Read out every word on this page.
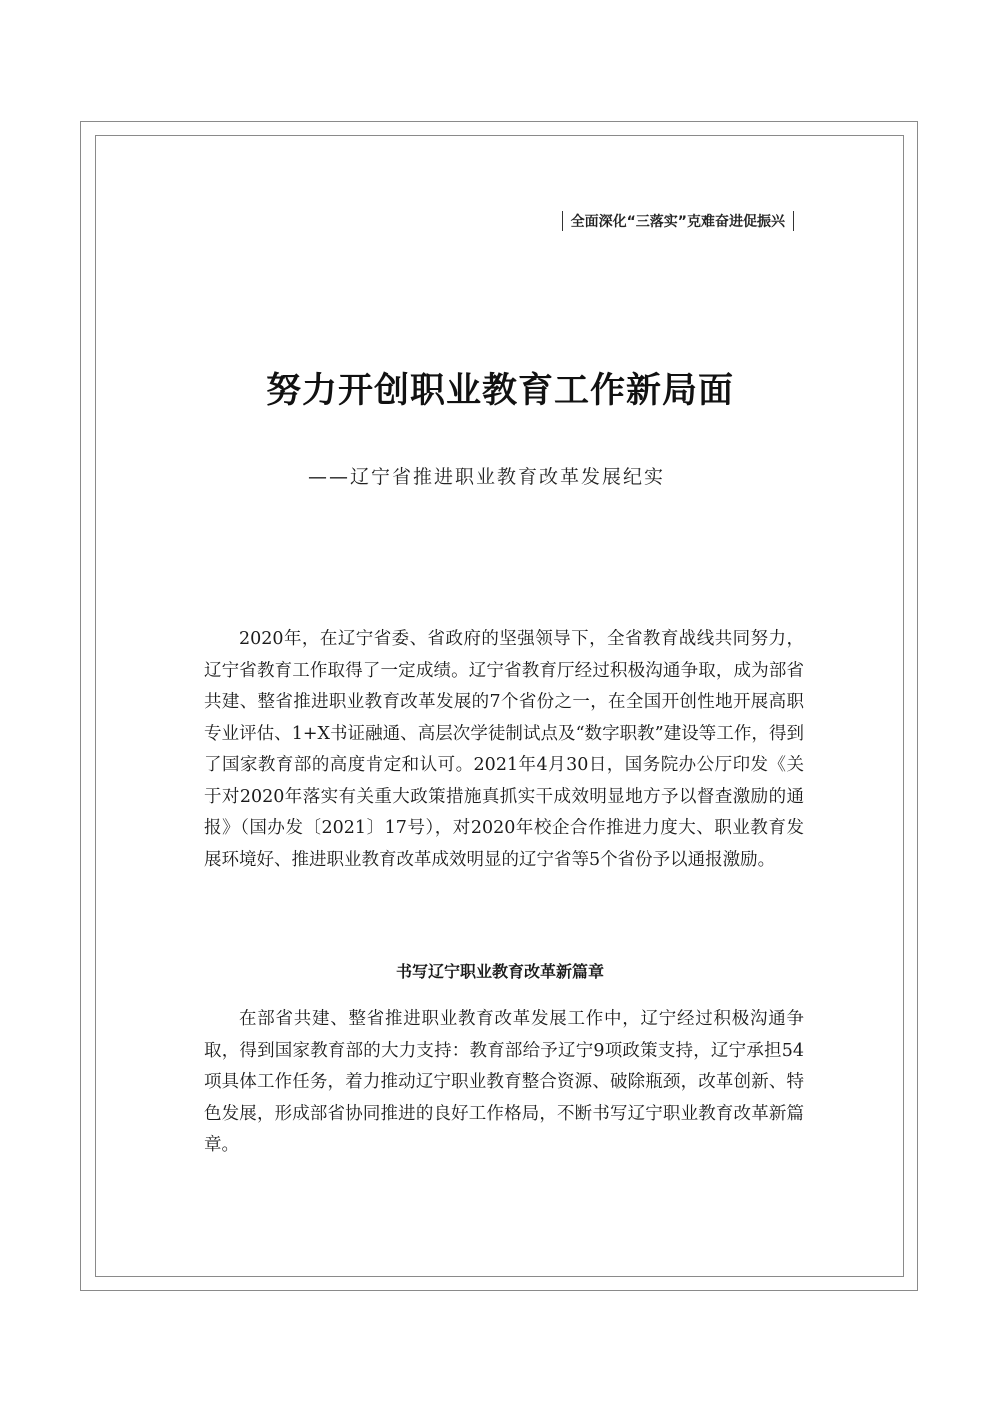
全面深化“三落实”克难奋进促振兴
努力开创职业教育工作新局面
——辽宁省推进职业教育改革发展纪实

2020年，在辽宁省委、省政府的坚强领导下，全省教育战线共同努力，辽宁省教育工作取得了一定成绩。辽宁省教育厅经过积极沟通争取，成为部省共建、整省推进职业教育改革发展的7个省份之一，在全国开创性地开展高职专业评估、1+X书证融通、高层次学徒制试点及“数字职教”建设等工作，得到了国家教育部的高度肯定和认可。2021年4月30日，国务院办公厅印发《关于对2020年落实有关重大政策措施真抓实干成效明显地方予以督查激励的通报》（国办发〔2021〕17号），对2020年校企合作推进力度大、职业教育发展环境好、推进职业教育改革成效明显的辽宁省等5个省份予以通报激励。

书写辽宁职业教育改革新篇章

在部省共建、整省推进职业教育改革发展工作中，辽宁经过积极沟通争取，得到国家教育部的大力支持：教育部给予辽宁9项政策支持，辽宁承担54项具体工作任务，着力推动辽宁职业教育整合资源、破除瓶颈，改革创新、特色发展，形成部省协同推进的良好工作格局，不断书写辽宁职业教育改革新篇章。
